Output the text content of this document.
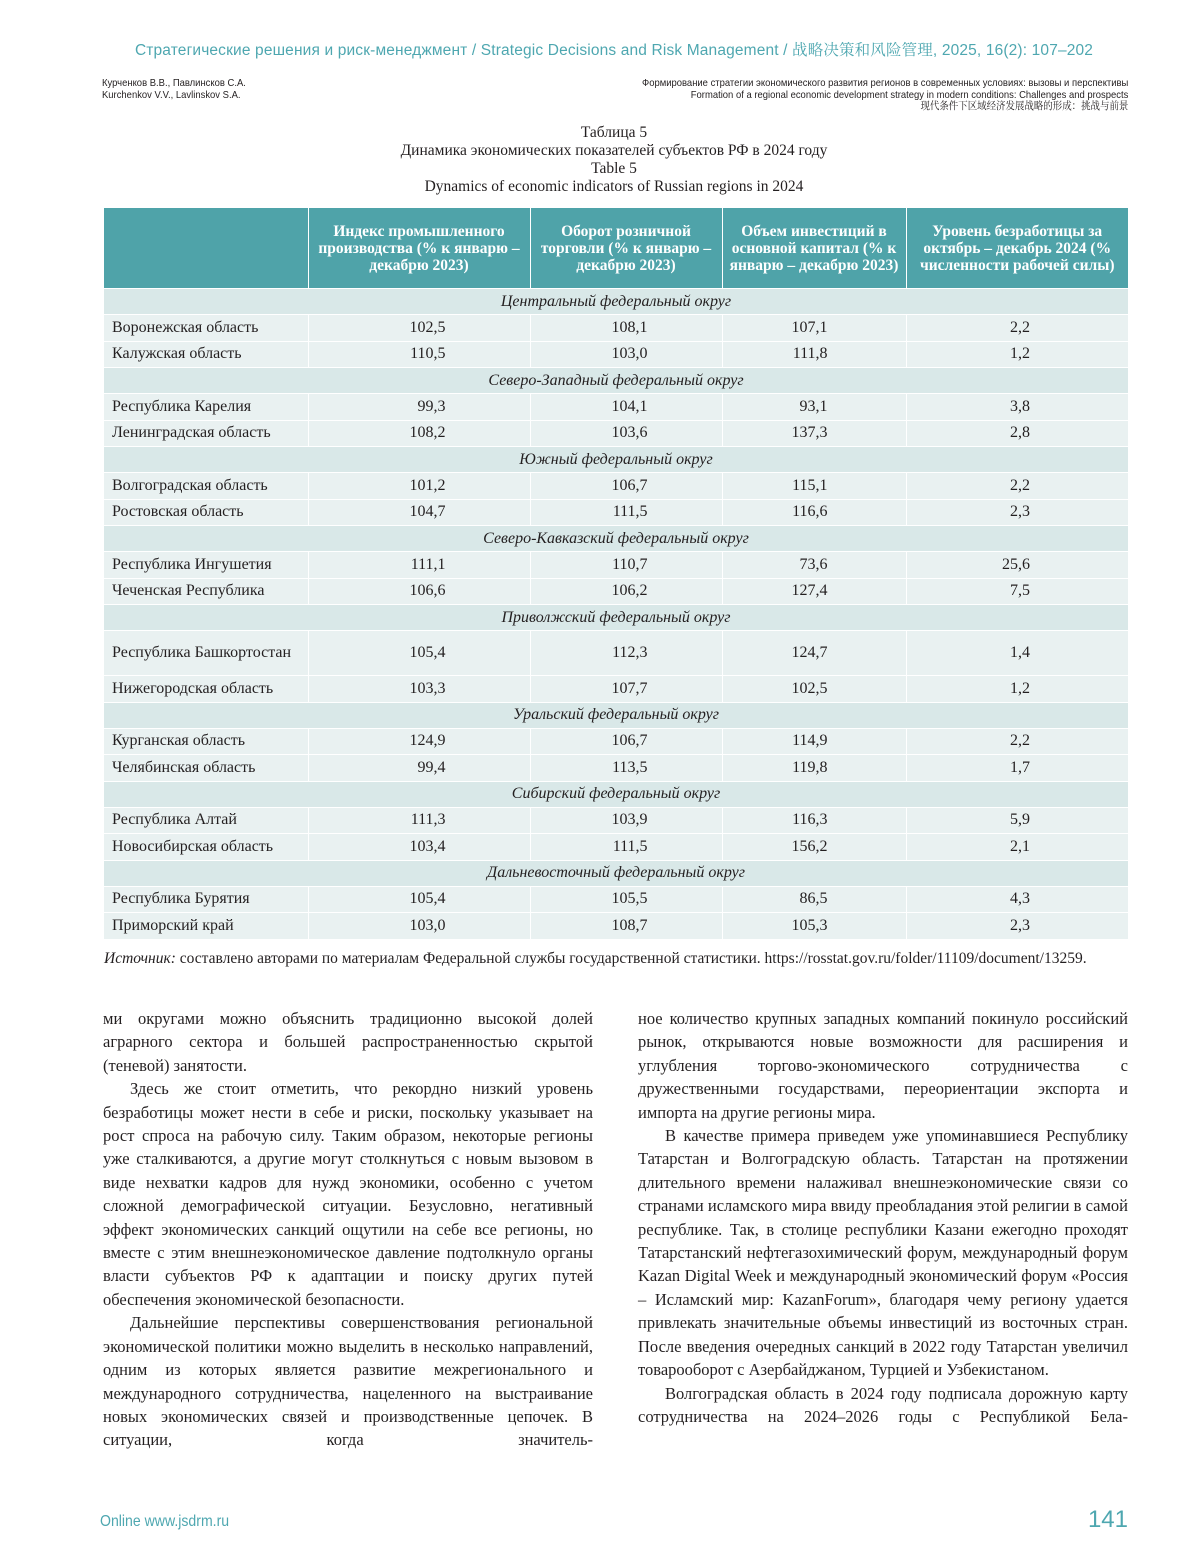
Стратегические решения и риск-менеджмент / Strategic Decisions and Risk Management / 战略决策和风险管理, 2025, 16(2): 107–202
Курченков В.В., Павлинсков С.А.
Kurchenkov V.V., Lavlinskov S.A.
Формирование стратегии экономического развития регионов в современных условиях: вызовы и перспективы
Formation of a regional economic development strategy in modern conditions: Challenges and prospects
现代条件下区域经济发展战略的形成：挑战与前景
Таблица 5
Динамика экономических показателей субъектов РФ в 2024 году
Table 5
Dynamics of economic indicators of Russian regions in 2024
	Индекс промышленного производства (% к январю – декабрю 2023)	Оборот розничной торговли (% к январю – декабрю 2023)	Объем инвестиций в основной капитал (% к январю – декабрю 2023)	Уровень безработицы за октябрь – декабрь 2024 (% численности рабочей силы)
Центральный федеральный округ				
Воронежская область	102,5	108,1	107,1	2,2
Калужская область	110,5	103,0	111,8	1,2
Северо-Западный федеральный округ				
Республика Карелия	99,3	104,1	93,1	3,8
Ленинградская область	108,2	103,6	137,3	2,8
Южный федеральный округ				
Волгоградская область	101,2	106,7	115,1	2,2
Ростовская область	104,7	111,5	116,6	2,3
Северо-Кавказский федеральный округ				
Республика Ингушетия	111,1	110,7	73,6	25,6
Чеченская Республика	106,6	106,2	127,4	7,5
Приволжский федеральный округ				
Республика Башкортостан	105,4	112,3	124,7	1,4
Нижегородская область	103,3	107,7	102,5	1,2
Уральский федеральный округ				
Курганская область	124,9	106,7	114,9	2,2
Челябинская область	99,4	113,5	119,8	1,7
Сибирский федеральный округ				
Республика Алтай	111,3	103,9	116,3	5,9
Новосибирская область	103,4	111,5	156,2	2,1
Дальневосточный федеральный округ				
Республика Бурятия	105,4	105,5	86,5	4,3
Приморский край	103,0	108,7	105,3	2,3
Источник: составлено авторами по материалам Федеральной службы государственной статистики. https://rosstat.gov.ru/folder/11109/document/13259.

ми округами можно объяснить традиционно высокой долей аграрного сектора и большей распространенностью скрытой (теневой) занятости.

Здесь же стоит отметить, что рекордно низкий уровень безработицы может нести в себе и риски, поскольку указывает на рост спроса на рабочую силу. Таким образом, некоторые регионы уже сталкиваются, а другие могут столкнуться с новым вызовом в виде нехватки кадров для нужд экономики, особенно с учетом сложной демографической ситуации. Безусловно, негативный эффект экономических санкций ощутили на себе все регионы, но вместе с этим внешнеэкономическое давление подтолкнуло органы власти субъектов РФ к адаптации и поиску других путей обеспечения экономической безопасности.

Дальнейшие перспективы совершенствования региональной экономической политики можно выделить в несколько направлений, одним из которых является развитие межрегионального и международного сотрудничества, нацеленного на выстраивание новых экономических связей и производственные цепочек. В ситуации, когда значитель-

ное количество крупных западных компаний покинуло российский рынок, открываются новые возможности для расширения и углубления торгово-экономического сотрудничества с дружественными государствами, переориентации экспорта и импорта на другие регионы мира.

В качестве примера приведем уже упоминавшиеся Республику Татарстан и Волгоградскую область. Татарстан на протяжении длительного времени налаживал внешнеэкономические связи со странами исламского мира ввиду преобладания этой религии в самой республике. Так, в столице республики Казани ежегодно проходят Татарстанский нефтегазохимический форум, международный форум Kazan Digital Week и международный экономический форум «Россия – Исламский мир: KazanForum», благодаря чему региону удается привлекать значительные объемы инвестиций из восточных стран. После введения очередных санкций в 2022 году Татарстан увеличил товарооборот с Азербайджаном, Турцией и Узбекистаном.

Волгоградская область в 2024 году подписала дорожную карту сотрудничества на 2024–2026 годы с Республикой Бела-

Online www.jsdrm.ru	141
